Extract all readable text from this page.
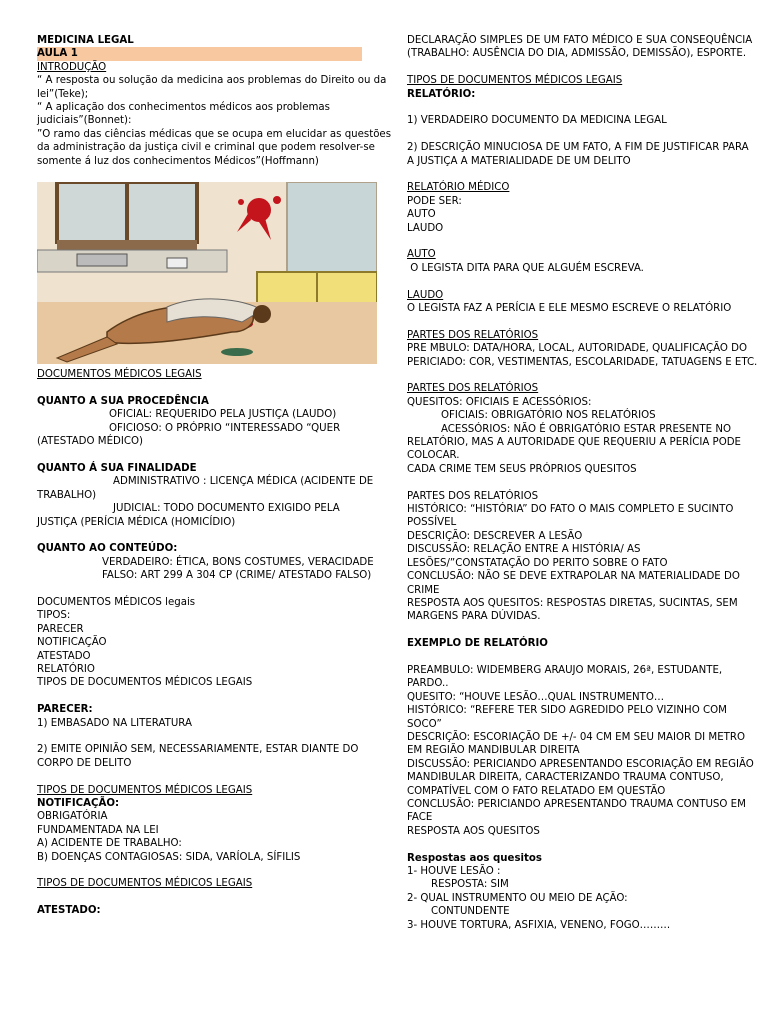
MEDICINA LEGAL
AULA 1
INTRODUÇÃO
“ A resposta ou solução da medicina aos problemas do Direito ou da
lei”(Teke);
“ A aplicação dos conhecimentos médicos aos problemas
judiciais”(Bonnet):
”O ramo das ciências médicas que se ocupa em elucidar as questões
da administração da justiça civil e criminal que podem resolver-se
somente á luz dos conhecimentos Médicos”(Hoffmann)
DOCUMENTOS MÉDICOS LEGAIS
QUANTO A SUA PROCEDÊNCIA
OFICIAL: REQUERIDO PELA JUSTIÇA (LAUDO)
OFICIOSO: O PRÓPRIO “INTERESSADO “QUER
(ATESTADO MÉDICO)
QUANTO Á SUA FINALIDADE
ADMINISTRATIVO : LICENÇA MÉDICA (ACIDENTE DE
TRABALHO)
JUDICIAL: TODO DOCUMENTO EXIGIDO PELA
JUSTIÇA (PERÍCIA MÉDICA (HOMICÍDIO)
QUANTO AO CONTEÚDO:
VERDADEIRO: ÉTICA, BONS COSTUMES, VERACIDADE
FALSO: ART 299 A 304 CP (CRIME/ ATESTADO FALSO)
DOCUMENTOS MÉDICOS legais
TIPOS:
PARECER
NOTIFICAÇÃO
ATESTADO
RELATÓRIO
TIPOS DE DOCUMENTOS MÉDICOS LEGAIS
PARECER:
1) EMBASADO NA LITERATURA
2) EMITE OPINIÃO SEM, NECESSARIAMENTE, ESTAR DIANTE DO
CORPO DE DELITO
TIPOS DE DOCUMENTOS MÉDICOS LEGAIS
NOTIFICAÇÃO:
OBRIGATÓRIA
FUNDAMENTADA NA LEI
A) ACIDENTE DE TRABALHO:
B) DOENÇAS CONTAGIOSAS: SIDA, VARÍOLA, SÍFILIS
TIPOS DE DOCUMENTOS MÉDICOS LEGAIS
ATESTADO:
DECLARAÇÃO SIMPLES DE UM FATO MÉDICO E SUA CONSEQUÊNCIA
(TRABALHO: AUSÊNCIA DO DIA, ADMISSÃO, DEMISSÃO), ESPORTE.
TIPOS DE DOCUMENTOS MÉDICOS LEGAIS
RELATÓRIO:
1) VERDADEIRO DOCUMENTO DA MEDICINA LEGAL
2) DESCRIÇÃO MINUCIOSA DE UM FATO, A FIM DE JUSTIFICAR PARA
A JUSTIÇA A MATERIALIDADE DE UM DELITO
RELATÓRIO MÉDICO
PODE SER:
AUTO
LAUDO
AUTO
O LEGISTA DITA PARA QUE ALGUÉM ESCREVA.
LAUDO
O LEGISTA FAZ A PERÍCIA E ELE MESMO ESCREVE O RELATÓRIO
PARTES DOS RELATÓRIOS
PRE MBULO: DATA/HORA, LOCAL, AUTORIDADE, QUALIFICAÇÃO DO
PERICIADO: COR, VESTIMENTAS, ESCOLARIDADE, TATUAGENS E ETC.
PARTES DOS RELATÓRIOS
QUESITOS: OFICIAIS E ACESSÓRIOS:
OFICIAIS: OBRIGATÓRIO NOS RELATÓRIOS
ACESSÓRIOS: NÃO É OBRIGATÓRIO ESTAR PRESENTE NO
RELATÓRIO, MAS A AUTORIDADE QUE REQUERIU A PERÍCIA PODE
COLOCAR.
CADA CRIME TEM SEUS PRÓPRIOS QUESITOS
PARTES DOS RELATÓRIOS
HISTÓRICO: “HISTÓRIA” DO FATO O MAIS COMPLETO E SUCINTO
POSSÍVEL
DESCRIÇÃO: DESCREVER A LESÃO
DISCUSSÃO: RELAÇÃO ENTRE A HISTÓRIA/ AS
LESÕES/”CONSTATAÇÃO DO PERITO SOBRE O FATO
CONCLUSÃO: NÃO SE DEVE EXTRAPOLAR NA MATERIALIDADE DO
CRIME
RESPOSTA AOS QUESITOS: RESPOSTAS DIRETAS, SUCINTAS, SEM
MARGENS PARA DÚVIDAS.
EXEMPLO DE RELATÓRIO
PREAMBULO: WIDEMBERG ARAUJO MORAIS, 26ª, ESTUDANTE,
PARDO..
QUESITO: “HOUVE LESÃO…QUAL INSTRUMENTO…
HISTÓRICO: “REFERE TER SIDO AGREDIDO PELO VIZINHO COM
SOCO”
DESCRIÇÃO: ESCORIAÇÃO DE +/- 04 CM EM SEU MAIOR DI METRO
EM REGIÃO MANDIBULAR DIREITA
DISCUSSÃO: PERICIANDO APRESENTANDO ESCORIAÇÃO EM REGIÃO
MANDIBULAR DIREITA, CARACTERIZANDO TRAUMA CONTUSO,
COMPATÍVEL COM O FATO RELATADO EM QUESTÃO
CONCLUSÃO: PERICIANDO APRESENTANDO TRAUMA CONTUSO EM
FACE
RESPOSTA AOS QUESITOS
Respostas aos quesitos
1- HOUVE LESÃO :
RESPOSTA: SIM
2- QUAL INSTRUMENTO OU MEIO DE AÇÃO:
CONTUNDENTE
3- HOUVE TORTURA, ASFIXIA, VENENO, FOGO………
